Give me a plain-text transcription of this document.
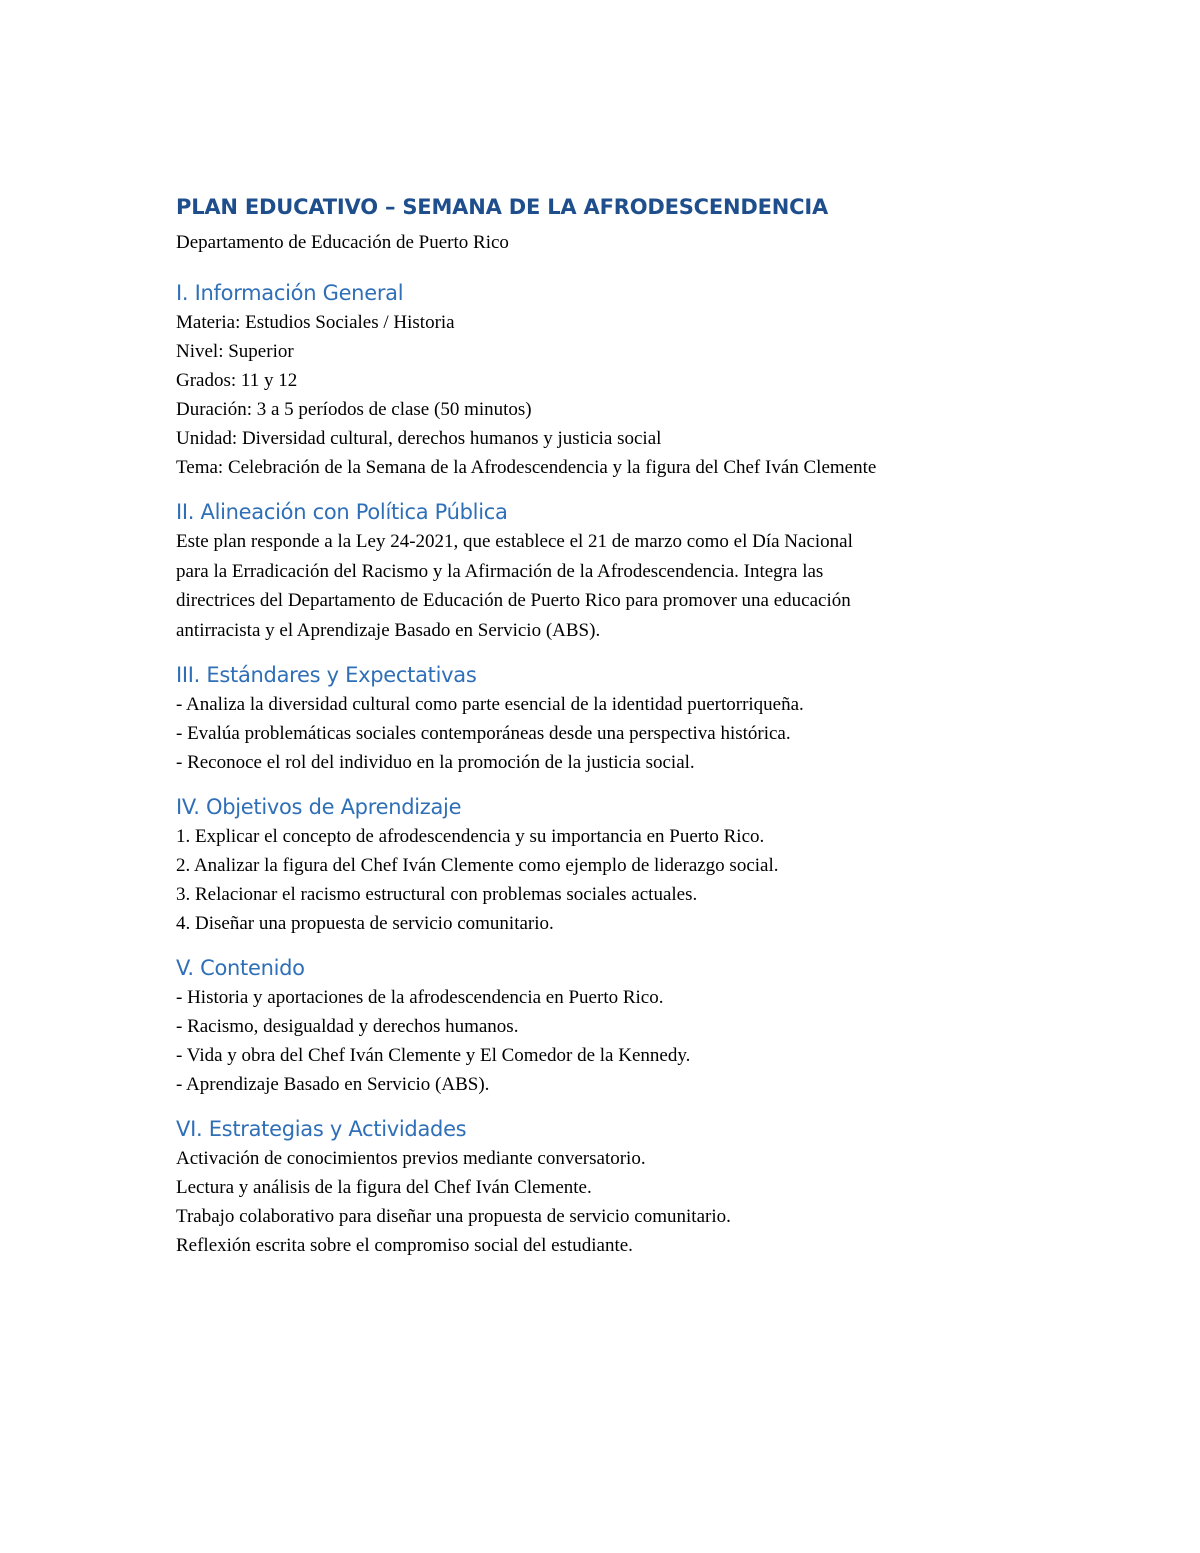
PLAN EDUCATIVO – SEMANA DE LA AFRODESCENDENCIA

Departamento de Educación de Puerto Rico

I. Información General

Materia: Estudios Sociales / Historia

Nivel: Superior

Grados: 11 y 12

Duración: 3 a 5 períodos de clase (50 minutos)

Unidad: Diversidad cultural, derechos humanos y justicia social

Tema: Celebración de la Semana de la Afrodescendencia y la figura del Chef Iván Clemente

II. Alineación con Política Pública

Este plan responde a la Ley 24-2021, que establece el 21 de marzo como el Día Nacional
para la Erradicación del Racismo y la Afirmación de la Afrodescendencia. Integra las
directrices del Departamento de Educación de Puerto Rico para promover una educación
antirracista y el Aprendizaje Basado en Servicio (ABS).

III. Estándares y Expectativas

- Analiza la diversidad cultural como parte esencial de la identidad puertorriqueña.

- Evalúa problemáticas sociales contemporáneas desde una perspectiva histórica.

- Reconoce el rol del individuo en la promoción de la justicia social.

IV. Objetivos de Aprendizaje

1. Explicar el concepto de afrodescendencia y su importancia en Puerto Rico.

2. Analizar la figura del Chef Iván Clemente como ejemplo de liderazgo social.

3. Relacionar el racismo estructural con problemas sociales actuales.

4. Diseñar una propuesta de servicio comunitario.

V. Contenido

- Historia y aportaciones de la afrodescendencia en Puerto Rico.

- Racismo, desigualdad y derechos humanos.

- Vida y obra del Chef Iván Clemente y El Comedor de la Kennedy.

- Aprendizaje Basado en Servicio (ABS).

VI. Estrategias y Actividades

Activación de conocimientos previos mediante conversatorio.

Lectura y análisis de la figura del Chef Iván Clemente.

Trabajo colaborativo para diseñar una propuesta de servicio comunitario.

Reflexión escrita sobre el compromiso social del estudiante.
